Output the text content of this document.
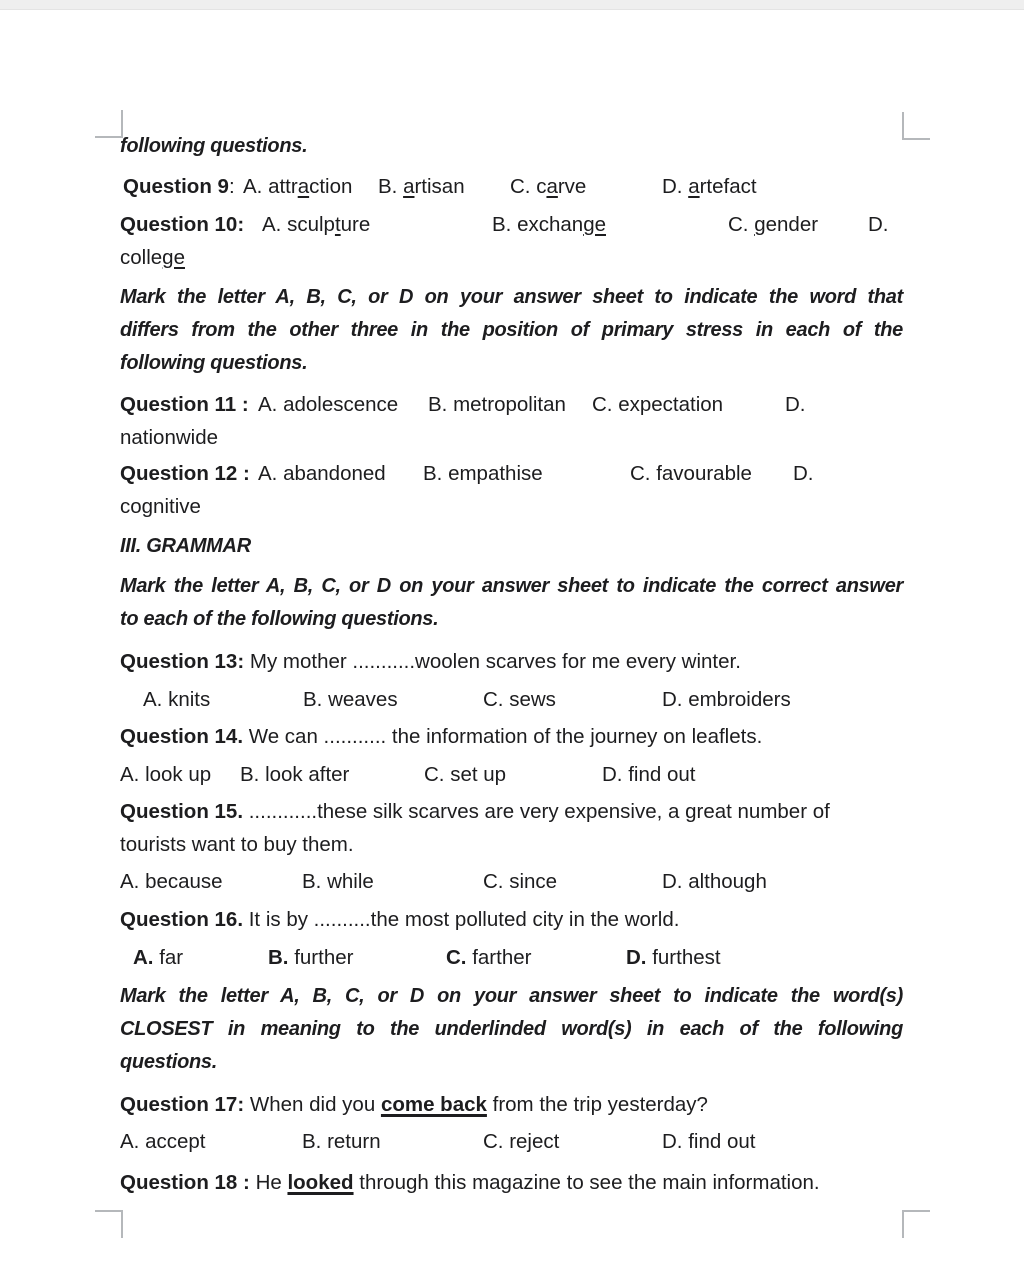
following questions.
Question 9: A. attraction B. artisan C. carve	D. artefact
Question 10: A. sculpture	B. exchange	C. gender D.
college
Mark the letter A, B, C, or D on your answer sheet to indicate the word that
differs from the other three in the position of primary stress in each of the
following questions.
Question 11 : A. adolescence B. metropolitan C. expectation	D.
nationwide
Question 12 : A. abandoned B. empathise	C. favourable D.
cognitive
III. GRAMMAR
Mark the letter A, B, C, or D on your answer sheet to indicate the correct answer
to each of the following questions.
Question 13: My mother ...........woolen scarves for me every winter.
A. knits	B. weaves	C. sews	D. embroiders
Question 14. We can ........... the information of the journey on leaflets.
A. look up B. look after	C. set up	D. find out
Question 15. ............these silk scarves are very expensive, a great number of
tourists want to buy them.
A. because	B. while	C. since	D. although
Question 16. It is by ..........the most polluted city in the world.
A. far	B. further	C. farther	D. furthest
Mark the letter A, B, C, or D on your answer sheet to indicate the word(s)
CLOSEST in meaning to the underlinded word(s) in each of the following
questions.
Question 17: When did you come back from the trip yesterday?
A. accept	B. return	C. reject	D. find out
Question 18 : He looked through this magazine to see the main information.
